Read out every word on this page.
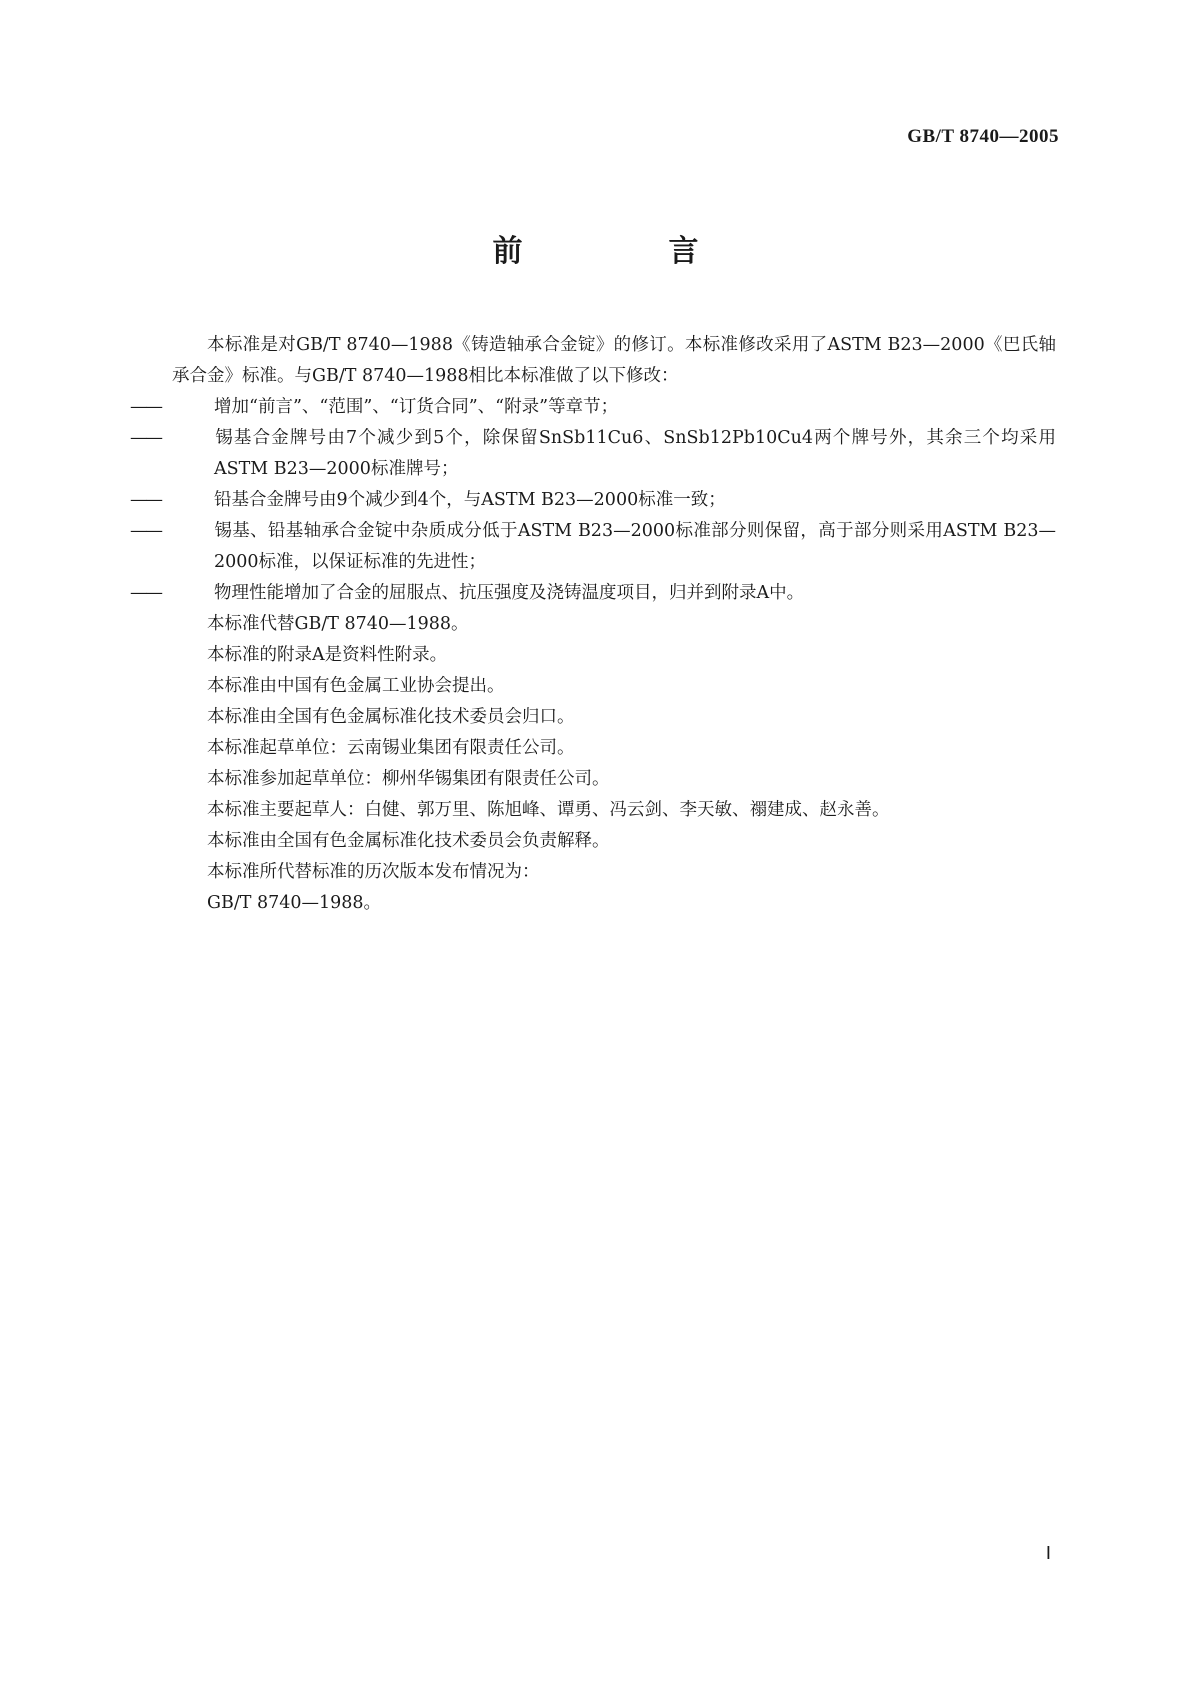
GB/T 8740—2005
前　言

本标准是对GB/T 8740—1988《铸造轴承合金锭》的修订。本标准修改采用了ASTM B23—2000《巴氏轴承合金》标准。与GB/T 8740—1988相比本标准做了以下修改：

——	增加“前言”、“范围”、“订货合同”、“附录”等章节；

——	锡基合金牌号由7个减少到5个，除保留SnSb11Cu6、SnSb12Pb10Cu4两个牌号外，其余三个均采用ASTM B23—2000标准牌号；

——	铅基合金牌号由9个减少到4个，与ASTM B23—2000标准一致；

——	锡基、铅基轴承合金锭中杂质成分低于ASTM B23—2000标准部分则保留，高于部分则采用ASTM B23—2000标准，以保证标准的先进性；

——	物理性能增加了合金的屈服点、抗压强度及浇铸温度项目，归并到附录A中。

本标准代替GB/T 8740—1988。

本标准的附录A是资料性附录。

本标准由中国有色金属工业协会提出。

本标准由全国有色金属标准化技术委员会归口。

本标准起草单位：云南锡业集团有限责任公司。

本标准参加起草单位：柳州华锡集团有限责任公司。

本标准主要起草人：白健、郭万里、陈旭峰、谭勇、冯云剑、李天敏、禤建成、赵永善。

本标准由全国有色金属标准化技术委员会负责解释。

本标准所代替标准的历次版本发布情况为：

GB/T 8740—1988。

Ⅰ
